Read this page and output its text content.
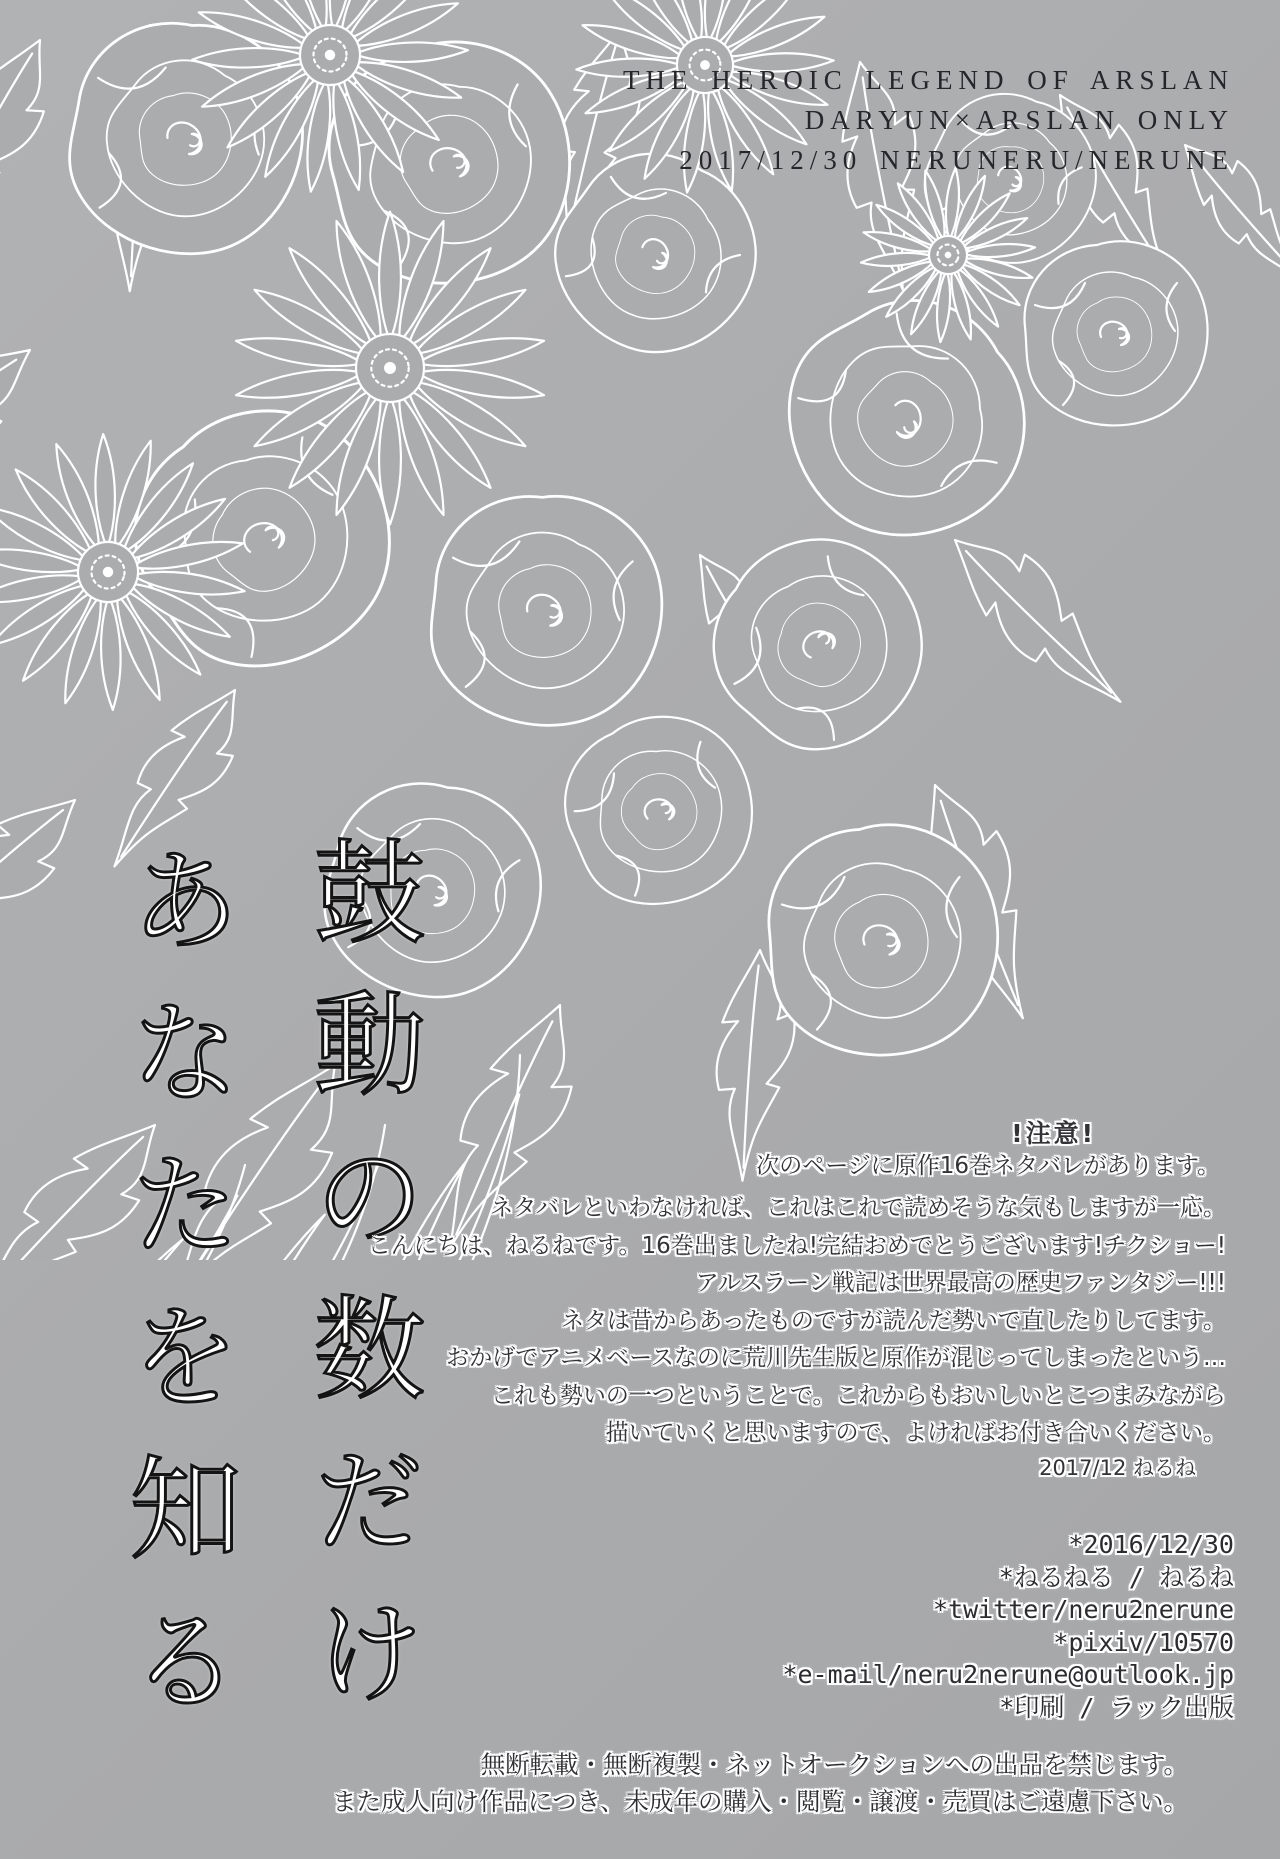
THE HEROIC LEGEND OF ARSLAN
DARYUN×ARSLAN ONLY
2017/12/30 NERUNERU/NERUNE
鼓動の数だけ
あなたを知る	!注意!
次のページに原作16巻ネタバレがあります。
ネタバレといわなければ、これはこれで読めそうな気もしますが一応。
こんにちは、ねるねです。16巻出ましたね!完結おめでとうございます!チクショー!
アルスラーン戦記は世界最高の歴史ファンタジー!!!
ネタは昔からあったものですが読んだ勢いで直したりしてます。
おかげでアニメベースなのに荒川先生版と原作が混じってしまったという…
これも勢いの一つということで。これからもおいしいとこつまみながら
描いていくと思いますので、よければお付き合いください。
2017/12 ねるね
*2016/12/30
*ねるねる / ねるね
*twitter/neru2nerune
*pixiv/10570
*e-mail/neru2nerune@outlook.jp
*印刷 / ラック出版
無断転載・無断複製・ネットオークションへの出品を禁じます。
また成人向け作品につき、未成年の購入・閲覧・譲渡・売買はご遠慮下さい。
